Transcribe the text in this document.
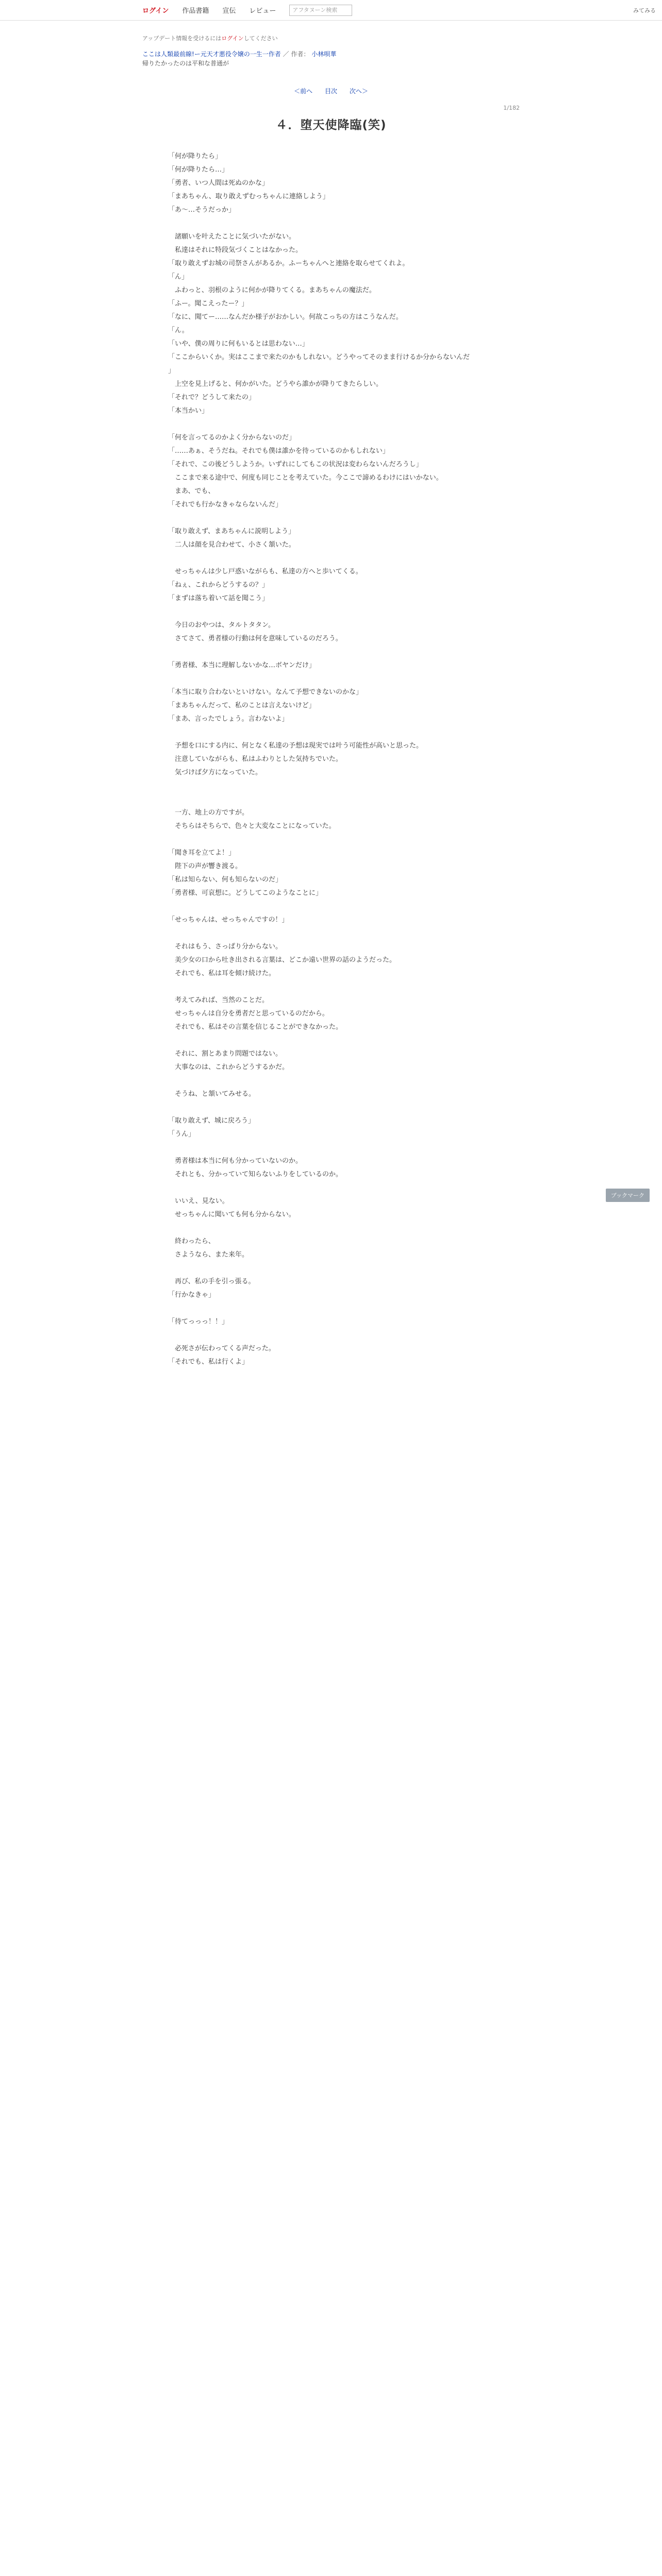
ログイン 作品書籍 宣伝 レビュー	アフタヌーン検索	みてみる
アップデート情報を受けるにはログインしてください
ここは人類最前線!ー元天才悪役令嬢の一生一作者 ／ 作者： 小林唄華
帰りたかったのは平和な普通が
＜前へ 目次 次へ＞
1/182
４．堕天使降臨(笑)

「何が降りたら」

「何が降りたら…」

「勇者、いつ人間は死ぬのかな」

「まあちゃん、取り敢えずむっちゃんに連絡しよう」

「あ〜…そうだっか」

　諸願いを叶えたことに気づいたがない。

　私達はそれに特段気づくことはなかった。

「取り敢えずお城の司祭さんがあるか。ふーちゃんへと連絡を取らせてくれよ。

「ん」

　ふわっと、羽根のように何かが降りてくる。まあちゃんの魔法だ。

「ふー。聞こえったー？」

「なに、聞てー……なんだか様子がおかしい。何故こっちの方はこうなんだ。

「ん。

「いや、僕の周りに何もいるとは思わない…」

「ここからいくか。実はここまで来たのかもしれない。どうやってそのまま行けるか分からないんだ

」

　上空を見上げると、何かがいた。どうやら誰かが降りてきたらしい。

「それで？どうして来たの」

「本当かい」

「何を言ってるのかよく分からないのだ」

「……あぁ、そうだね。それでも僕は誰かを待っているのかもしれない」

「それで、この後どうしようか。いずれにしてもこの状況は変わらないんだろうし」

　ここまで来る途中で、何度も同じことを考えていた。今ここで諦めるわけにはいかない。

　まあ、でも、

「それでも行かなきゃならないんだ」

「取り敢えず、まあちゃんに説明しよう」

　二人は顔を見合わせて、小さく頷いた。

　せっちゃんは少し戸惑いながらも、私達の方へと歩いてくる。

「ねぇ、これからどうするの？」

「まずは落ち着いて話を聞こう」

　今日のおやつは、タルトタタン。

　さてさて、勇者様の行動は何を意味しているのだろう。

「勇者様、本当に理解しないかな…ボヤンだけ」

「本当に取り合わないといけない。なんて予想できないのかな」

「まあちゃんだって、私のことは言えないけど」

「まあ、言ったでしょう。言わないよ」

　予想を口にする内に、何となく私達の予想は現実では叶う可能性が高いと思った。

　注意していながらも、私はふわりとした気持ちでいた。

　気づけば夕方になっていた。

　一方、地上の方ですが。

　そちらはそちらで、色々と大変なことになっていた。

「聞き耳を立てよ！」

　陛下の声が響き渡る。

「私は知らない、何も知らないのだ」

「勇者様、可哀想に。どうしてこのようなことに」

「せっちゃんは、せっちゃんですの！」

　それはもう、さっぱり分からない。

　美少女の口から吐き出される言葉は、どこか遠い世界の話のようだった。

　それでも、私は耳を傾け続けた。

　考えてみれば、当然のことだ。

　せっちゃんは自分を勇者だと思っているのだから。

　それでも、私はその言葉を信じることができなかった。

　それに、割とあまり問題ではない。

　大事なのは、これからどうするかだ。

　そうね、と頷いてみせる。

「取り敢えず、城に戻ろう」

「うん」

　勇者様は本当に何も分かっていないのか。

　それとも、分かっていて知らないふりをしているのか。

　いいえ、見ない。

　せっちゃんに聞いても何も分からない。

　終わったら、

　さようなら、また来年。

　再び、私の手を引っ張る。

「行かなきゃ」

「待てっっっ！！」

　必死さが伝わってくる声だった。

「それでも、私は行くよ」

ブックマーク
